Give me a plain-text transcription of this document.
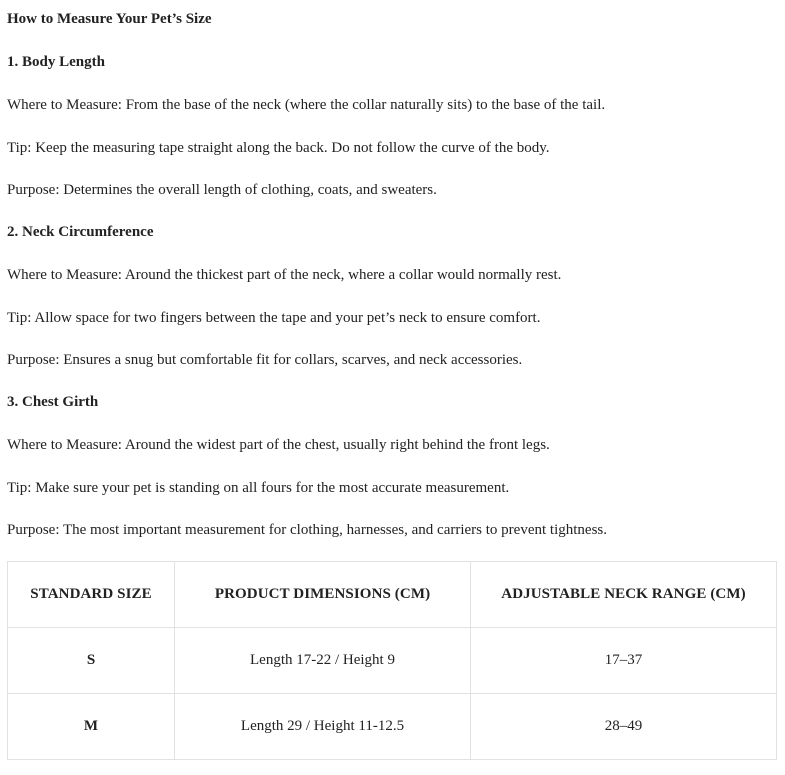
How to Measure Your Pet’s Size
1. Body Length
Where to Measure: From the base of the neck (where the collar naturally sits) to the base of the tail.
Tip: Keep the measuring tape straight along the back. Do not follow the curve of the body.
Purpose: Determines the overall length of clothing, coats, and sweaters.
2. Neck Circumference
Where to Measure: Around the thickest part of the neck, where a collar would normally rest.
Tip: Allow space for two fingers between the tape and your pet’s neck to ensure comfort.
Purpose: Ensures a snug but comfortable fit for collars, scarves, and neck accessories.
3. Chest Girth
Where to Measure: Around the widest part of the chest, usually right behind the front legs.
Tip: Make sure your pet is standing on all fours for the most accurate measurement.
Purpose: The most important measurement for clothing, harnesses, and carriers to prevent tightness.
STANDARD SIZE	PRODUCT DIMENSIONS (CM)	ADJUSTABLE NECK RANGE (CM)
S	Length 17-22 / Height 9	17–37
M	Length 29 / Height 11-12.5	28–49
